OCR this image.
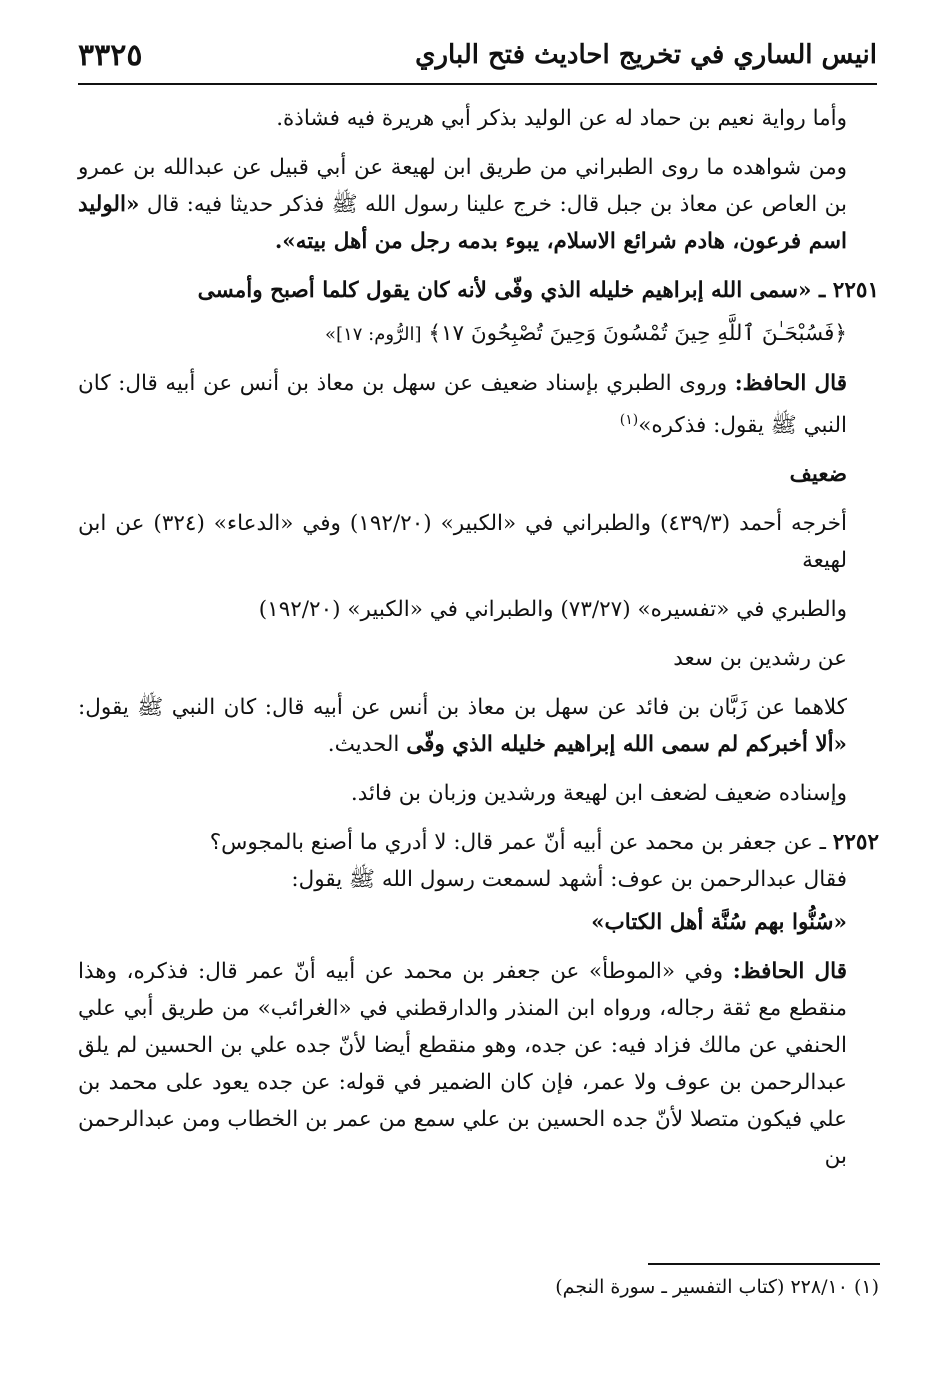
انيس الساري في تخريج احاديث فتح الباري
٣٣٢٥

وأما رواية نعيم بن حماد له عن الوليد بذكر أبي هريرة فيه فشاذة.

ومن شواهده ما روى الطبراني من طريق ابن لهيعة عن أبي قبيل عن عبدالله بن عمرو بن العاص عن معاذ بن جبل قال: خرج علينا رسول الله ﷺ فذكر حديثا فيه: قال «الوليد اسم فرعون، هادم شرائع الاسلام، يبوء بدمه رجل من أهل بيته».

٢٢٥١ ـ «سمى الله إبراهيم خليله الذي وفّى لأنه كان يقول كلما أصبح وأمسى

﴿فَسُبْحَـٰنَ ٱللَّهِ حِينَ تُمْسُونَ وَحِينَ تُصْبِحُونَ ١٧﴾ [الرُّوم: ١٧]»

قال الحافظ: وروى الطبري بإسناد ضعيف عن سهل بن معاذ بن أنس عن أبيه قال: كان النبي ﷺ يقول: فذكره»$^{(١)}$

ضعيف

أخرجه أحمد (٤٣٩/٣) والطبراني في «الكبير» (١٩٢/٢٠) وفي «الدعاء» (٣٢٤) عن ابن لهيعة

والطبري في «تفسيره» (٧٣/٢٧) والطبراني في «الكبير» (١٩٢/٢٠)

عن رشدين بن سعد

كلاهما عن زَبَّان بن فائد عن سهل بن معاذ بن أنس عن أبيه قال: كان النبي ﷺ يقول: «ألا أخبركم لم سمى الله إبراهيم خليله الذي وفّى الحديث.

وإسناده ضعيف لضعف ابن لهيعة ورشدين وزبان بن فائد.

٢٢٥٢ ـ عن جعفر بن محمد عن أبيه أنّ عمر قال: لا أدري ما أصنع بالمجوس؟
فقال عبدالرحمن بن عوف: أشهد لسمعت رسول الله ﷺ يقول:

«سُنُّوا بهم سُنَّة أهل الكتاب»

قال الحافظ: وفي «الموطأ» عن جعفر بن محمد عن أبيه أنّ عمر قال: فذكره، وهذا منقطع مع ثقة رجاله، ورواه ابن المنذر والدارقطني في «الغرائب» من طريق أبي علي الحنفي عن مالك فزاد فيه: عن جده، وهو منقطع أيضا لأنّ جده علي بن الحسين لم يلق عبدالرحمن بن عوف ولا عمر، فإن كان الضمير في قوله: عن جده يعود على محمد بن علي فيكون متصلا لأنّ جده الحسين بن علي سمع من عمر بن الخطاب ومن عبدالرحمن بن

(١) ٢٢٨/١٠ (كتاب التفسير ـ سورة النجم)
